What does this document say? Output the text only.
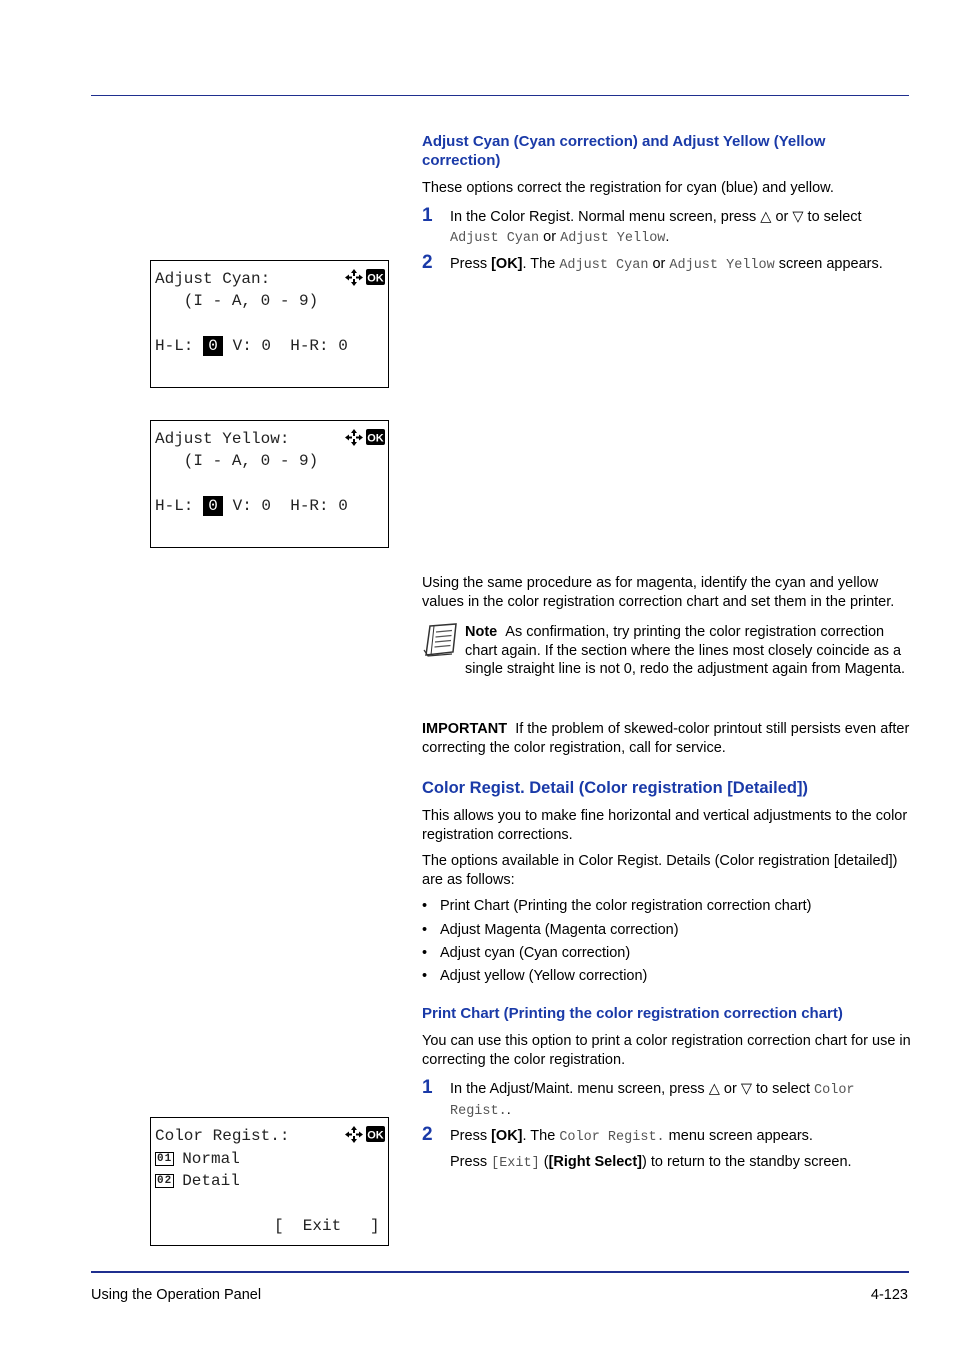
Adjust Cyan (Cyan correction) and Adjust Yellow (Yellow correction)
These options correct the registration for cyan (blue) and yellow.
1 In the Color Regist. Normal menu screen, press △ or ▽ to select
Adjust Cyan or Adjust Yellow.
2 Press [OK]. The Adjust Cyan or Adjust Yellow screen appears.
Adjust Cyan:	OK
(I - A, 0 - 9)
H-L: 0 V: 0  H-R: 0
Adjust Yellow:	OK
(I - A, 0 - 9)
H-L: 0 V: 0  H-R: 0
Using the same procedure as for magenta, identify the cyan and yellow values in the color registration correction chart and set them in the printer.
Note As confirmation, try printing the color registration correction chart again. If the section where the lines most closely coincide as a single straight line is not 0, redo the adjustment again from Magenta.
IMPORTANT If the problem of skewed-color printout still persists even after correcting the color registration, call for service.
Color Regist. Detail (Color registration [Detailed])
This allows you to make fine horizontal and vertical adjustments to the color registration corrections.
The options available in Color Regist. Details (Color registration [detailed]) are as follows:
• Print Chart (Printing the color registration correction chart)
• Adjust Magenta (Magenta correction)
• Adjust cyan (Cyan correction)
• Adjust yellow (Yellow correction)
Print Chart (Printing the color registration correction chart)
You can use this option to print a color registration correction chart for use in correcting the color registration.
1 In the Adjust/Maint. menu screen, press △ or ▽ to select Color Regist..
2 Press [OK]. The Color Regist. menu screen appears.
Press [Exit] ([Right Select]) to return to the standby screen.
Color Regist.:	OK
01 Normal
02 Detail
[  Exit   ]
Using the Operation Panel	4-123
